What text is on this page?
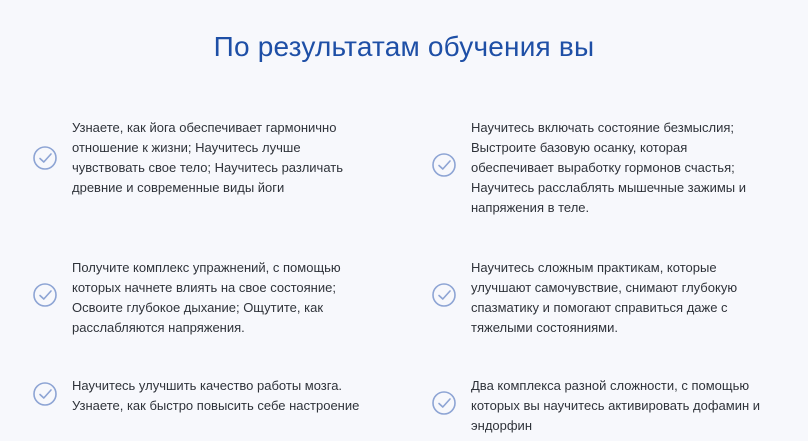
По результатам обучения вы
Узнаете, как йога обеспечивает гармонично отношение к жизни; Научитесь лучше чувствовать свое тело; Научитесь различать древние и современные виды йоги
Научитесь включать состояние безмыслия; Выстроите базовую осанку, которая обеспечивает выработку гормонов счастья; Научитесь расслаблять мышечные зажимы и напряжения в теле.
Получите комплекс упражнений, с помощью которых начнете влиять на свое состояние; Освоите глубокое дыхание; Ощутите, как расслабляются напряжения.
Научитесь сложным практикам, которые улучшают самочувствие, снимают глубокую спазматику и помогают справиться даже с тяжелыми состояниями.
Научитесь улучшить качество работы мозга. Узнаете, как быстро повысить себе настроение
Два комплекса разной сложности, с помощью которых вы научитесь активировать дофамин и эндорфин
